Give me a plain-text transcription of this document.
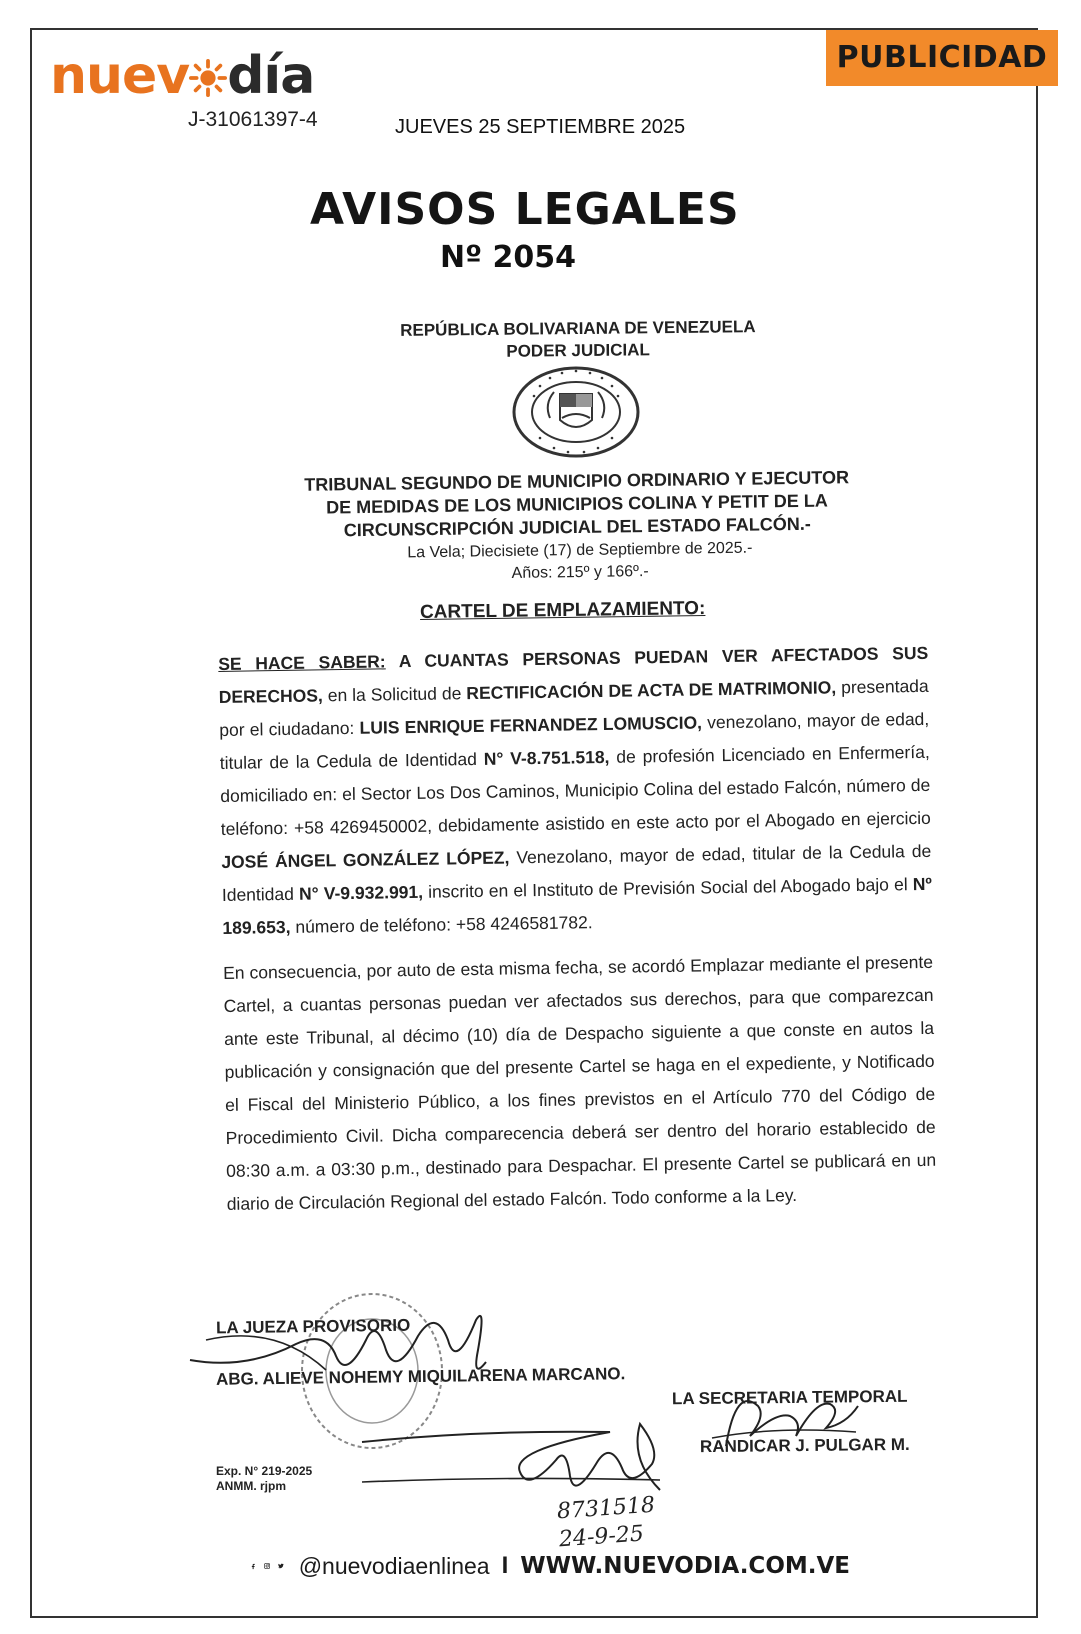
nuev día
J-31061397-4	JUEVES 25 SEPTIEMBRE 2025
PUBLICIDAD
AVISOS LEGALES
Nº 2054
REPÚBLICA BOLIVARIANA DE VENEZUELA
PODER JUDICIAL
TRIBUNAL SEGUNDO DE MUNICIPIO ORDINARIO Y EJECUTOR
DE MEDIDAS DE LOS MUNICIPIOS COLINA Y PETIT DE LA
CIRCUNSCRIPCIÓN JUDICIAL DEL ESTADO FALCÓN.-
La Vela; Diecisiete (17) de Septiembre de 2025.-
Años: 215º y 166º.-
CARTEL DE EMPLAZAMIENTO:

SE HACE SABER: A CUANTAS PERSONAS PUEDAN VER AFECTADOS SUS DERECHOS, en la Solicitud de RECTIFICACIÓN DE ACTA DE MATRIMONIO, presentada por el ciudadano: LUIS ENRIQUE FERNANDEZ LOMUSCIO, venezolano, mayor de edad, titular de la Cedula de Identidad N° V-8.751.518, de profesión Licenciado en Enfermería, domiciliado en: el Sector Los Dos Caminos, Municipio Colina del estado Falcón, número de teléfono: +58 4269450002, debidamente asistido en este acto por el Abogado en ejercicio JOSÉ ÁNGEL GONZÁLEZ LÓPEZ, Venezolano, mayor de edad, titular de la Cedula de Identidad N° V-9.932.991, inscrito en el Instituto de Previsión Social del Abogado bajo el Nº 189.653, número de teléfono: +58 4246581782.

En consecuencia, por auto de esta misma fecha, se acordó Emplazar mediante el presente Cartel, a cuantas personas puedan ver afectados sus derechos, para que comparezcan ante este Tribunal, al décimo (10) día de Despacho siguiente a que conste en autos la publicación y consignación que del presente Cartel se haga en el expediente, y Notificado el Fiscal del Ministerio Público, a los fines previstos en el Artículo 770 del Código de Procedimiento Civil. Dicha comparecencia deberá ser dentro del horario establecido de 08:30 a.m. a 03:30 p.m., destinado para Despachar. El presente Cartel se publicará en un diario de Circulación Regional del estado Falcón. Todo conforme a la Ley.

LA JUEZA PROVISORIO
ABG. ALIEVE NOHEMY MIQUILARENA MARCANO.
LA SECRETARIA TEMPORAL
RANDICAR J. PULGAR M.
Exp. N° 219-2025
ANMM. rjpm
8731518
24-9-25
@nuevodiaenlinea I WWW.NUEVODIA.COM.VE
